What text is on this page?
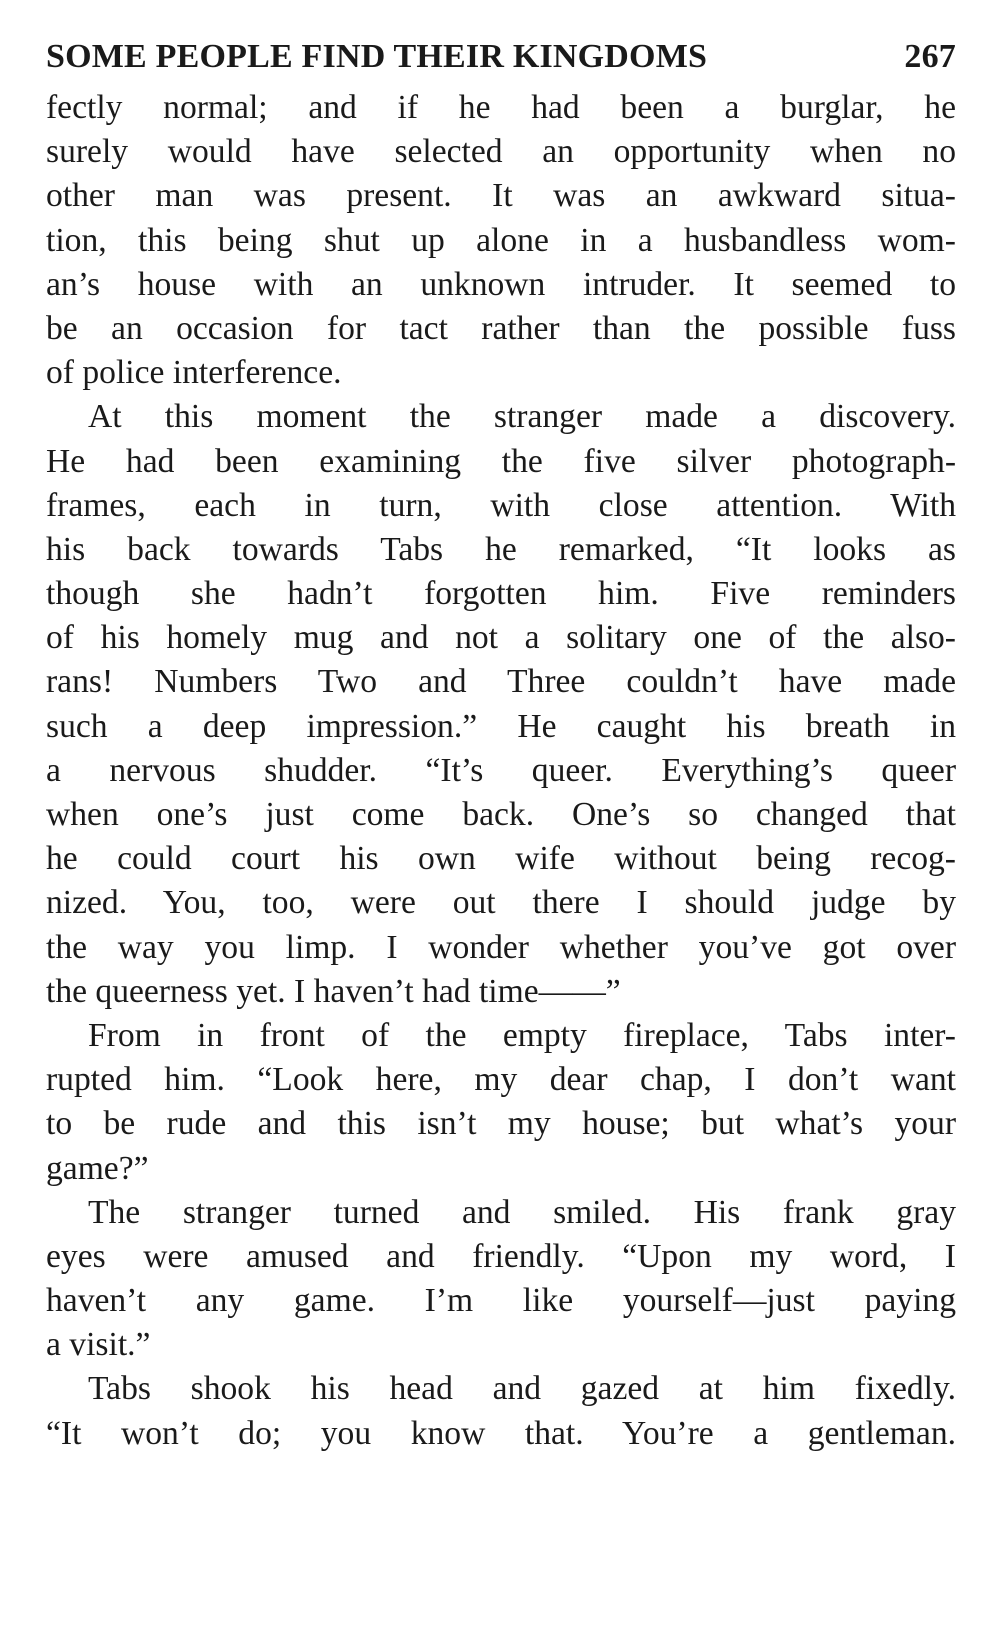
SOME PEOPLE FIND THEIR KINGDOMS	267
fectly normal; and if he had been a burglar, he
surely would have selected an opportunity when no
other man was present. It was an awkward situa-
tion, this being shut up alone in a husbandless wom-
an’s house with an unknown intruder. It seemed to
be an occasion for tact rather than the possible fuss
of police interference.
At this moment the stranger made a discovery.
He had been examining the five silver photograph-
frames, each in turn, with close attention. With
his back towards Tabs he remarked, “It looks as
though she hadn’t forgotten him. Five reminders
of his homely mug and not a solitary one of the also-
rans! Numbers Two and Three couldn’t have made
such a deep impression.” He caught his breath in
a nervous shudder. “It’s queer. Everything’s queer
when one’s just come back. One’s so changed that
he could court his own wife without being recog-
nized. You, too, were out there I should judge by
the way you limp. I wonder whether you’ve got over
the queerness yet. I haven’t had time——”
From in front of the empty fireplace, Tabs inter-
rupted him. “Look here, my dear chap, I don’t want
to be rude and this isn’t my house; but what’s your
game?”
The stranger turned and smiled. His frank gray
eyes were amused and friendly. “Upon my word, I
haven’t any game. I’m like yourself—just paying
a visit.”
Tabs shook his head and gazed at him fixedly.
“It won’t do; you know that. You’re a gentleman.
